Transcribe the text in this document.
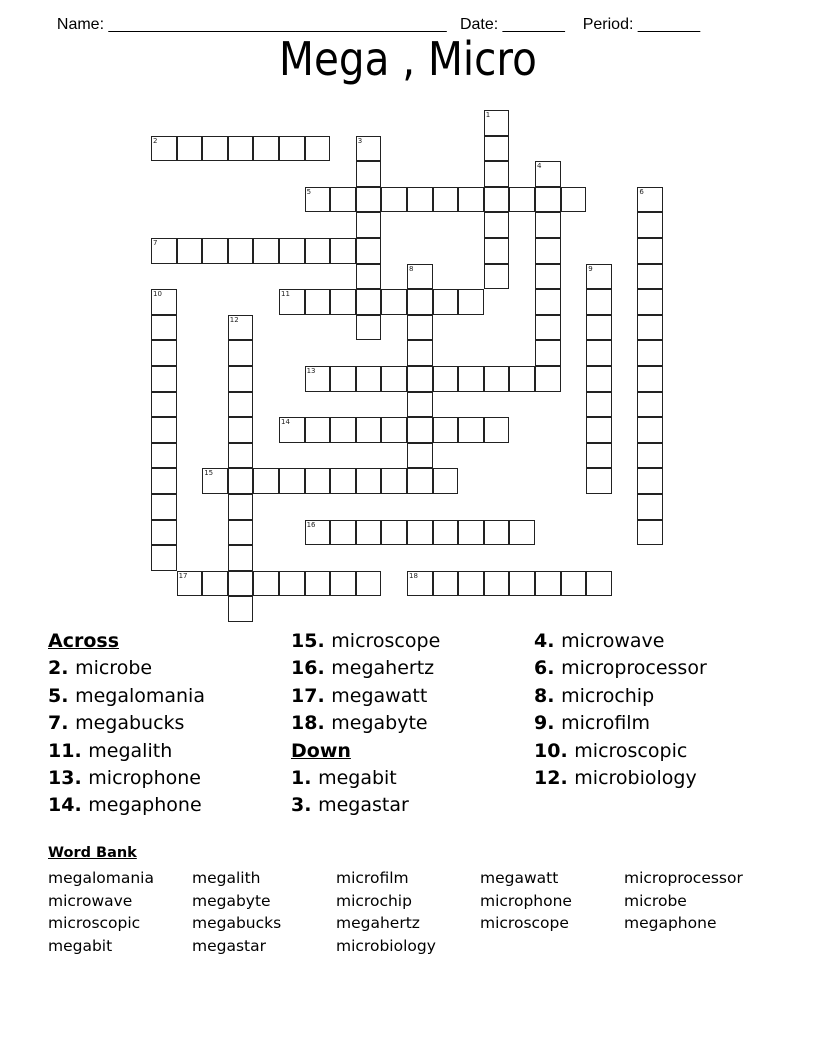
Name: ______________________________________ Date: _______ Period: _______

Mega , Micro
1
2	3
4
5	6
7
8	9
10	11
12
13
14
15
16
17	18
Across
2. microbe
5. megalomania
7. megabucks
11. megalith
13. microphone
14. megaphone
15. microscope
16. megahertz
17. megawatt
18. megabyte
Down
1. megabit
3. megastar
4. microwave
6. microprocessor
8. microchip
9. microfilm
10. microscopic
12. microbiology
Word Bank
megalomania	megalith	microfilm	megawatt	microprocessor
microwave	megabyte	microchip	microphone	microbe
microscopic	megabucks	megahertz	microscope	megaphone
megabit	megastar	microbiology
